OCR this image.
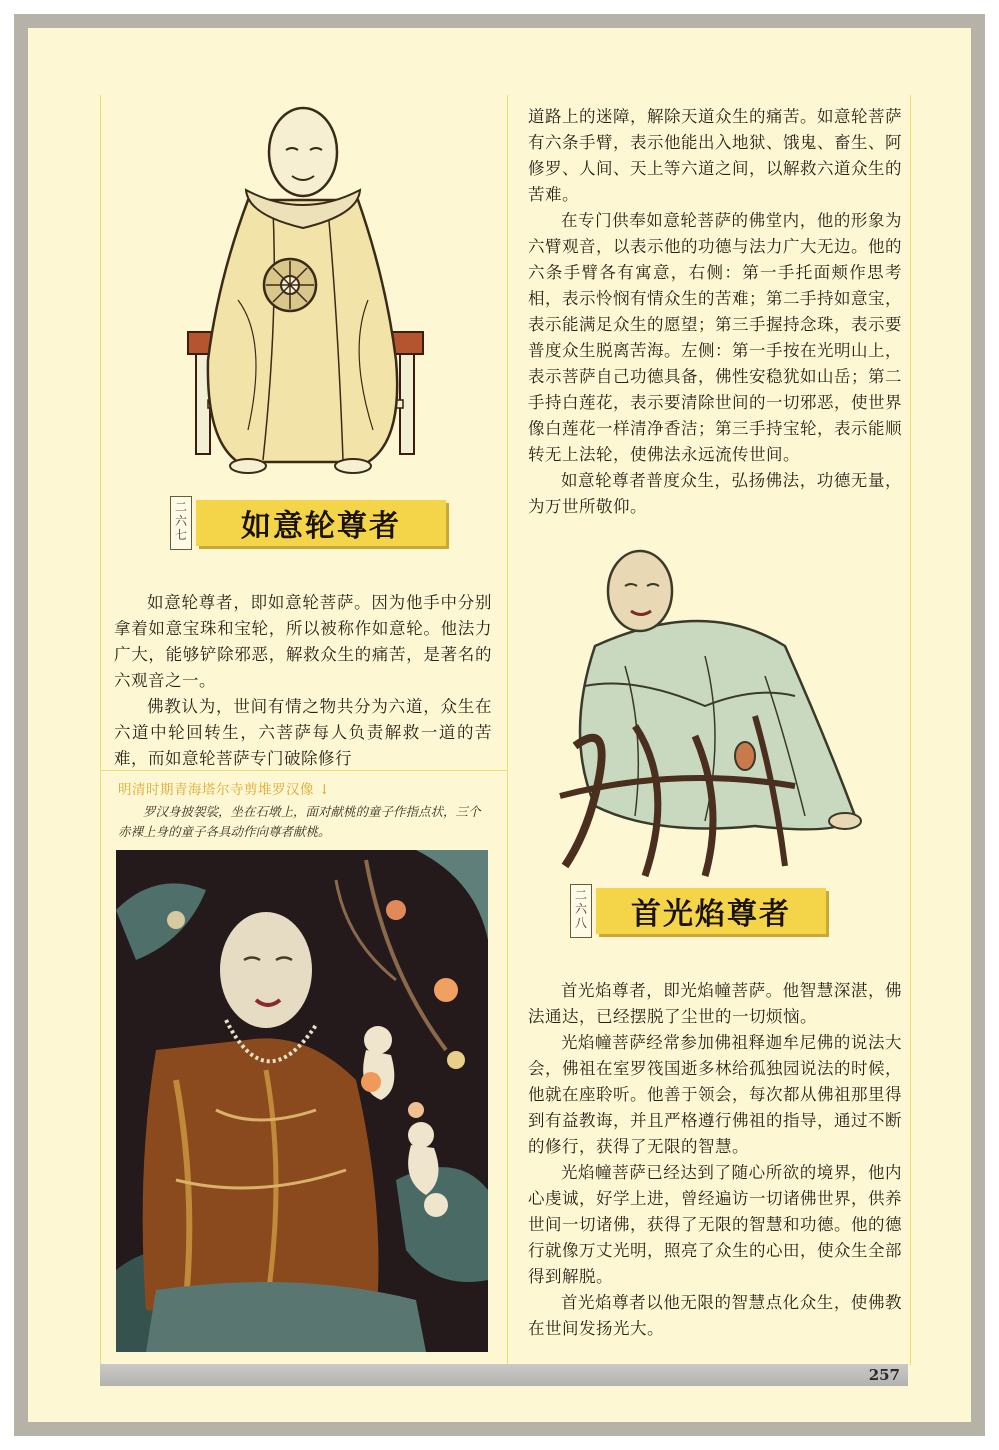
二六七	如意轮尊者

如意轮尊者，即如意轮菩萨。因为他手中分别拿着如意宝珠和宝轮，所以被称作如意轮。他法力广大，能够铲除邪恶，解救众生的痛苦，是著名的六观音之一。

佛教认为，世间有情之物共分为六道，众生在六道中轮回转生，六菩萨每人负责解救一道的苦难，而如意轮菩萨专门破除修行

明清时期青海塔尔寺剪堆罗汉像 ↓

罗汉身披袈裟，坐在石墩上，面对献桃的童子作指点状，三个赤裸上身的童子各具动作向尊者献桃。

道路上的迷障，解除天道众生的痛苦。如意轮菩萨有六条手臂，表示他能出入地狱、饿鬼、畜生、阿修罗、人间、天上等六道之间，以解救六道众生的苦难。

在专门供奉如意轮菩萨的佛堂内，他的形象为六臂观音，以表示他的功德与法力广大无边。他的六条手臂各有寓意，右侧：第一手托面颊作思考相，表示怜悯有情众生的苦难；第二手持如意宝，表示能满足众生的愿望；第三手握持念珠，表示要普度众生脱离苦海。左侧：第一手按在光明山上，表示菩萨自己功德具备，佛性安稳犹如山岳；第二手持白莲花，表示要清除世间的一切邪恶，使世界像白莲花一样清净香洁；第三手持宝轮，表示能顺转无上法轮，使佛法永远流传世间。

如意轮尊者普度众生，弘扬佛法，功德无量，为万世所敬仰。

二六八	首光焰尊者

首光焰尊者，即光焰幢菩萨。他智慧深湛，佛法通达，已经摆脱了尘世的一切烦恼。

光焰幢菩萨经常参加佛祖释迦牟尼佛的说法大会，佛祖在室罗筏国逝多林给孤独园说法的时候，他就在座聆听。他善于领会，每次都从佛祖那里得到有益教诲，并且严格遵行佛祖的指导，通过不断的修行，获得了无限的智慧。

光焰幢菩萨已经达到了随心所欲的境界，他内心虔诚，好学上进，曾经遍访一切诸佛世界，供养世间一切诸佛，获得了无限的智慧和功德。他的德行就像万丈光明，照亮了众生的心田，使众生全部得到解脱。

首光焰尊者以他无限的智慧点化众生，使佛教在世间发扬光大。

257
